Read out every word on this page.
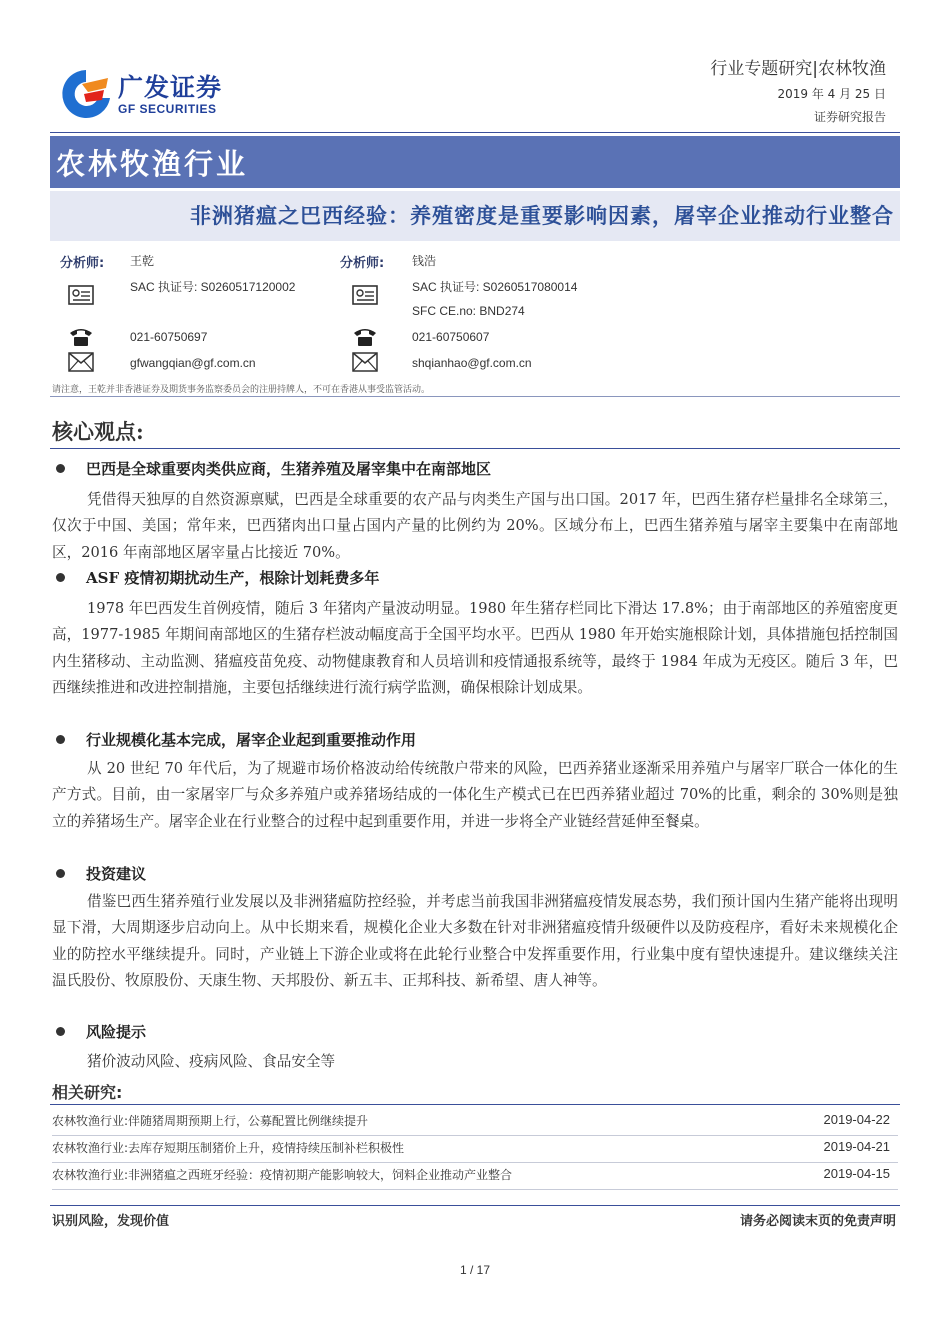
广发证券
GF SECURITIES
行业专题研究|农林牧渔
2019 年 4 月 25 日
证券研究报告
农林牧渔行业
非洲猪瘟之巴西经验：养殖密度是重要影响因素，屠宰企业推动行业整合
分析师: 王乾
SAC 执证号: S0260517120002
021-60750697
gfwangqian@gf.com.cn
分析师: 钱浩
SAC 执证号: S0260517080014
SFC CE.no: BND274
021-60750607
shqianhao@gf.com.cn
请注意，王乾并非香港证券及期货事务监察委员会的注册持牌人，不可在香港从事受监管活动。
核心观点:
巴西是全球重要肉类供应商，生猪养殖及屠宰集中在南部地区
凭借得天独厚的自然资源禀赋，巴西是全球重要的农产品与肉类生产国与出口国。2017 年，巴西生猪存栏量排名全球第三，仅次于中国、美国；常年来，巴西猪肉出口量占国内产量的比例约为 20%。区域分布上，巴西生猪养殖与屠宰主要集中在南部地区，2016 年南部地区屠宰量占比接近 70%。
ASF 疫情初期扰动生产，根除计划耗费多年
1978 年巴西发生首例疫情，随后 3 年猪肉产量波动明显。1980 年生猪存栏同比下滑达 17.8%；由于南部地区的养殖密度更高，1977-1985 年期间南部地区的生猪存栏波动幅度高于全国平均水平。巴西从 1980 年开始实施根除计划，具体措施包括控制国内生猪移动、主动监测、猪瘟疫苗免疫、动物健康教育和人员培训和疫情通报系统等，最终于 1984 年成为无疫区。随后 3 年，巴西继续推进和改进控制措施，主要包括继续进行流行病学监测，确保根除计划成果。
行业规模化基本完成，屠宰企业起到重要推动作用
从 20 世纪 70 年代后，为了规避市场价格波动给传统散户带来的风险，巴西养猪业逐渐采用养殖户与屠宰厂联合一体化的生产方式。目前，由一家屠宰厂与众多养殖户或养猪场结成的一体化生产模式已在巴西养猪业超过 70%的比重，剩余的 30%则是独立的养猪场生产。屠宰企业在行业整合的过程中起到重要作用，并进一步将全产业链经营延伸至餐桌。
投资建议
借鉴巴西生猪养殖行业发展以及非洲猪瘟防控经验，并考虑当前我国非洲猪瘟疫情发展态势，我们预计国内生猪产能将出现明显下滑，大周期逐步启动向上。从中长期来看，规模化企业大多数在针对非洲猪瘟疫情升级硬件以及防疫程序，看好未来规模化企业的防控水平继续提升。同时，产业链上下游企业或将在此轮行业整合中发挥重要作用，行业集中度有望快速提升。建议继续关注温氏股份、牧原股份、天康生物、天邦股份、新五丰、正邦科技、新希望、唐人神等。
风险提示
猪价波动风险、疫病风险、食品安全等
相关研究:
农林牧渔行业:伴随猪周期预期上行，公募配置比例继续提升	2019-04-22
农林牧渔行业:去库存短期压制猪价上升，疫情持续压制补栏积极性	2019-04-21
农林牧渔行业:非洲猪瘟之西班牙经验：疫情初期产能影响较大，饲料企业推动产业整合	2019-04-15
识别风险，发现价值	请务必阅读末页的免责声明
1 / 17
